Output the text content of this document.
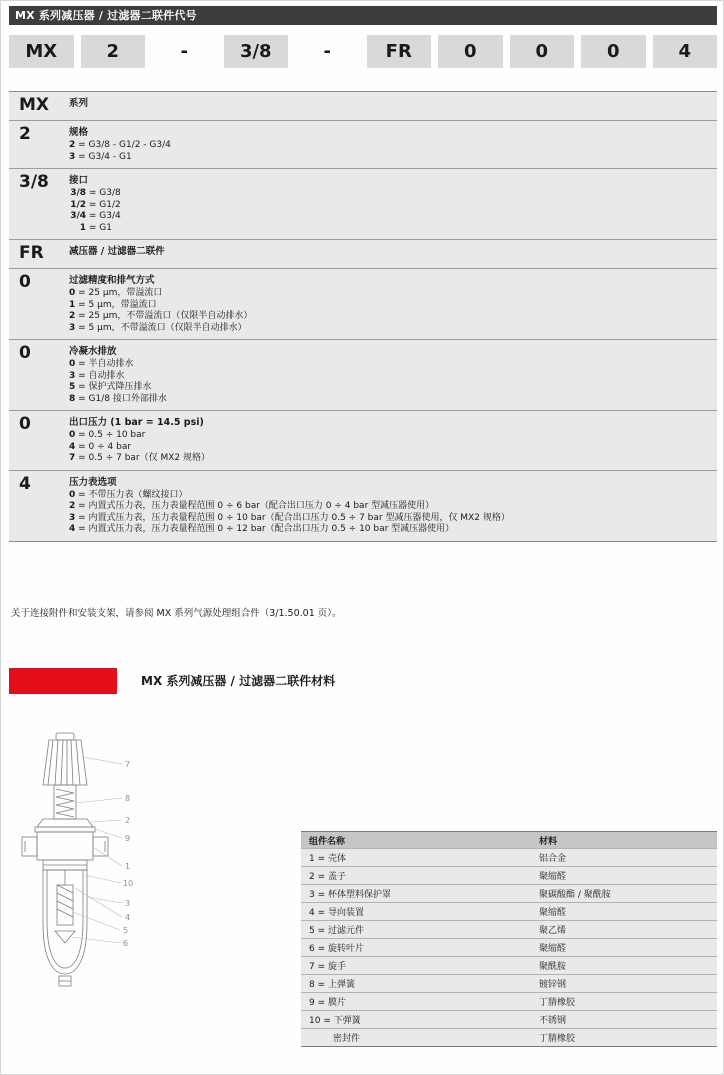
MX 系列减压器 / 过滤器二联件代号
MX	2	-	3/8	-	FR	0	0	0	4
MX	系列
2	规格
2 = G3/8 - G1/2 - G3/4
3 = G3/4 - G1
3/8	接口
3/8 = G3/8
1/2 = G1/2
3/4 = G3/4
1 = G1
FR	减压器 / 过滤器二联件
0	过滤精度和排气方式
0 = 25 μm，带溢流口
1 = 5 μm，带溢流口
2 = 25 μm，不带溢流口（仅限半自动排水）
3 = 5 μm，不带溢流口（仅限半自动排水）
0	冷凝水排放
0 = 半自动排水
3 = 自动排水
5 = 保护式降压排水
8 = G1/8 接口外部排水
0	出口压力 (1 bar = 14.5 psi)
0 = 0.5 ÷ 10 bar
4 = 0 ÷ 4 bar
7 = 0.5 ÷ 7 bar（仅 MX2 规格）
4	压力表选项
0 = 不带压力表（螺纹接口）
2 = 内置式压力表，压力表量程范围 0 ÷ 6 bar（配合出口压力 0 ÷ 4 bar 型减压器使用）
3 = 内置式压力表，压力表量程范围 0 ÷ 10 bar（配合出口压力 0.5 ÷ 7 bar 型减压器使用，仅 MX2 规格）
4 = 内置式压力表，压力表量程范围 0 ÷ 12 bar（配合出口压力 0.5 ÷ 10 bar 型减压器使用）
关于连接附件和安装支架，请参阅 MX 系列气源处理组合件（3/1.50.01 页）。
MX 系列减压器 / 过滤器二联件材料
7
8
2
9
1
10
3
4
5
6
组件名称	材料
1 = 壳体	铝合金
2 = 盖子	聚缩醛
3 = 杯体塑料保护罩	聚碳酸酯 / 聚酰胺
4 = 导向装置	聚缩醛
5 = 过滤元件	聚乙烯
6 = 旋转叶片	聚缩醛
7 = 旋手	聚酰胺
8 = 上弹簧	镀锌钢
9 = 膜片	丁腈橡胶
10 = 下弹簧	不锈钢
密封件	丁腈橡胶
